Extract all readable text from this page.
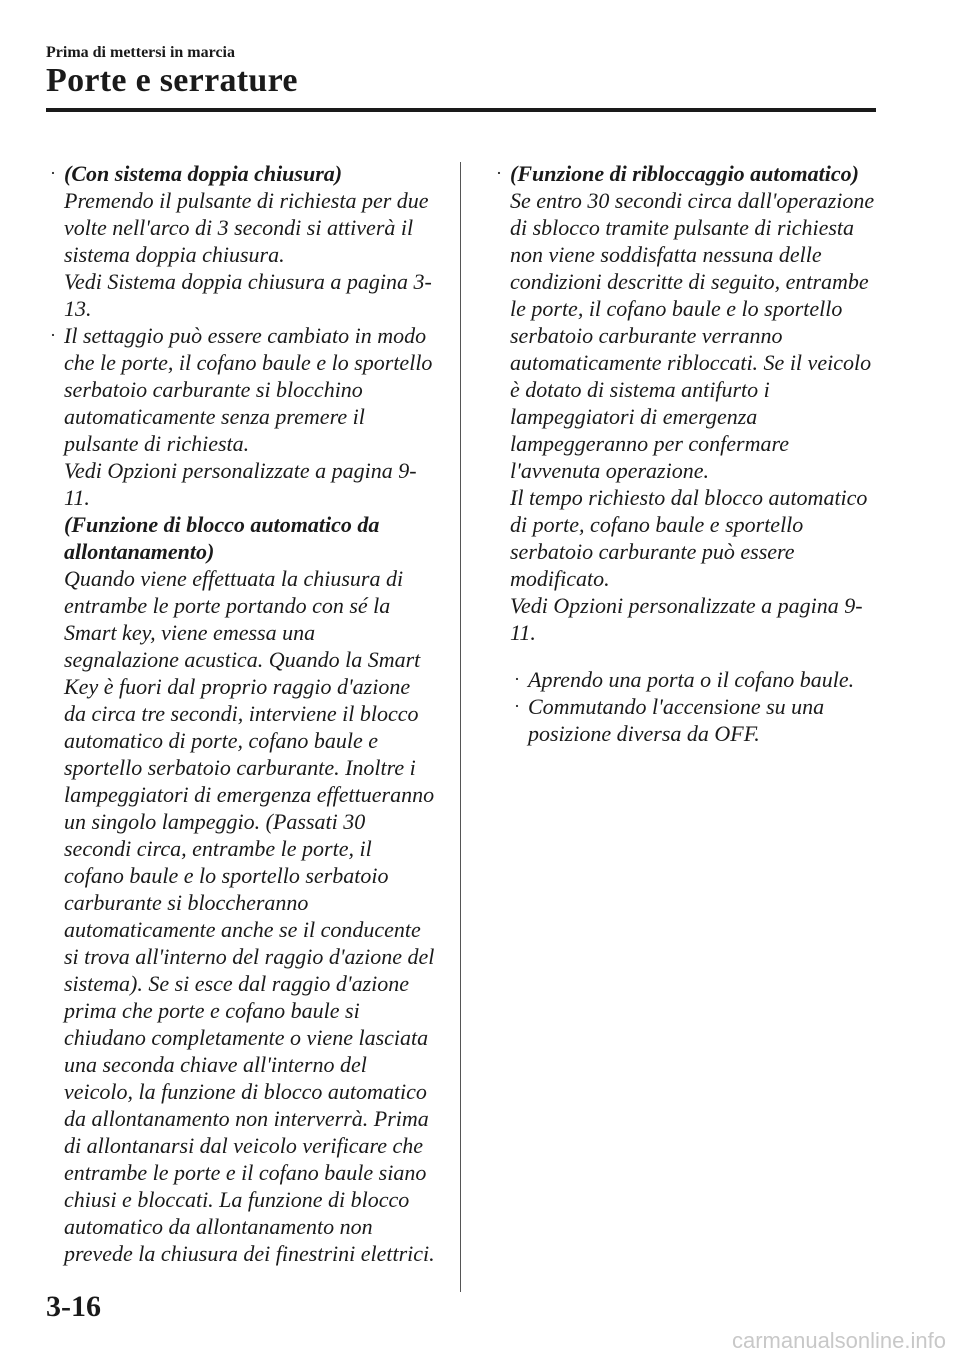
Prima di mettersi in marcia
Porte e serrature
· (Con sistema doppia chiusura)
Premendo il pulsante di richiesta per due volte nell'arco di 3 secondi si attiverà il sistema doppia chiusura.
Vedi Sistema doppia chiusura a pagina 3-13.
· Il settaggio può essere cambiato in modo che le porte, il cofano baule e lo sportello serbatoio carburante si blocchino automaticamente senza premere il pulsante di richiesta.
Vedi Opzioni personalizzate a pagina 9-11.
(Funzione di blocco automatico da allontanamento)
Quando viene effettuata la chiusura di entrambe le porte portando con sé la Smart key, viene emessa una segnalazione acustica. Quando la Smart Key è fuori dal proprio raggio d'azione da circa tre secondi, interviene il blocco automatico di porte, cofano baule e sportello serbatoio carburante. Inoltre i lampeggiatori di emergenza effettueranno un singolo lampeggio. (Passati 30 secondi circa, entrambe le porte, il cofano baule e lo sportello serbatoio carburante si bloccheranno automaticamente anche se il conducente si trova all'interno del raggio d'azione del sistema). Se si esce dal raggio d'azione prima che porte e cofano baule si chiudano completamente o viene lasciata una seconda chiave all'interno del veicolo, la funzione di blocco automatico da allontanamento non interverrà. Prima di allontanarsi dal veicolo verificare che entrambe le porte e il cofano baule siano chiusi e bloccati. La funzione di blocco automatico da allontanamento non prevede la chiusura dei finestrini elettrici.
· (Funzione di ribloccaggio automatico)
Se entro 30 secondi circa dall'operazione di sblocco tramite pulsante di richiesta non viene soddisfatta nessuna delle condizioni descritte di seguito, entrambe le porte, il cofano baule e lo sportello serbatoio carburante verranno automaticamente ribloccati. Se il veicolo è dotato di sistema antifurto i lampeggiatori di emergenza lampeggeranno per confermare l'avvenuta operazione.
Il tempo richiesto dal blocco automatico di porte, cofano baule e sportello serbatoio carburante può essere modificato.
Vedi Opzioni personalizzate a pagina 9-11.
· Aprendo una porta o il cofano baule.
· Commutando l'accensione su una posizione diversa da OFF.
3-16
carmanualsonline.info
